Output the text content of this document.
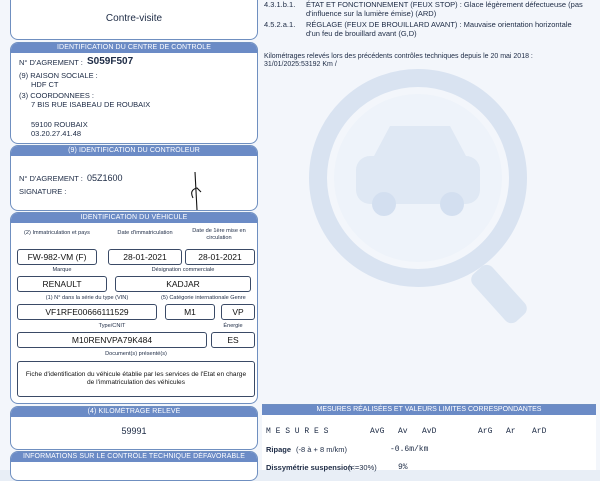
Contre-visite
IDENTIFICATION DU CENTRE DE CONTRÔLE
N° D'AGREMENT : S059F507
(9) RAISON SOCIALE :
HDF CT
(3) COORDONNEES :
7 BIS RUE ISABEAU DE ROUBAIX
59100 ROUBAIX
03.20.27.41.48
(9) IDENTIFICATION DU CONTRÔLEUR
N° D'AGREMENT : 05Z1600
SIGNATURE :
IDENTIFICATION DU VÉHICULE
(2) Immatriculation et pays	Date d'immatriculation	Date de 1ère mise en circulation
FW-982-VM (F)	28-01-2021	28-01-2021
Marque	Désignation commerciale
RENAULT	KADJAR
(1) N° dans la série du type (VIN)	(5) Catégorie internationale Genre
VF1RFE00666111529	M1	VP
Type/CNIT	Énergie
M10RENVPA79K484	ES
Document(s) présenté(s)
Fiche d'identification du véhicule établie par les services de l'Etat en charge de l'immatriculation des véhicules
(4) KILOMÉTRAGE RELEVÉ
59991
INFORMATIONS SUR LE CONTRÔLE TECHNIQUE DÉFAVORABLE
4.3.1.b.1. ÉTAT ET FONCTIONNEMENT (FEUX STOP) : Glace légèrement défectueuse (pas d'influence sur la lumière émise) (ARD)
4.5.2.a.1. RÉGLAGE (FEUX DE BROUILLARD AVANT) : Mauvaise orientation horizontale d'un feu de brouillard avant (G,D)
Kilométrages relevés lors des précédents contrôles techniques depuis le 20 mai 2018 :
31/01/2025:53192 Km /
MESURES RÉALISÉES ET VALEURS LIMITES CORRESPONDANTES
M E S U R E S	AvG Av AvD	ArG Ar ArD
Ripage (-8 à + 8 m/km)	-0.6m/km
Dissymétrie suspension
(<=30%)	9%
